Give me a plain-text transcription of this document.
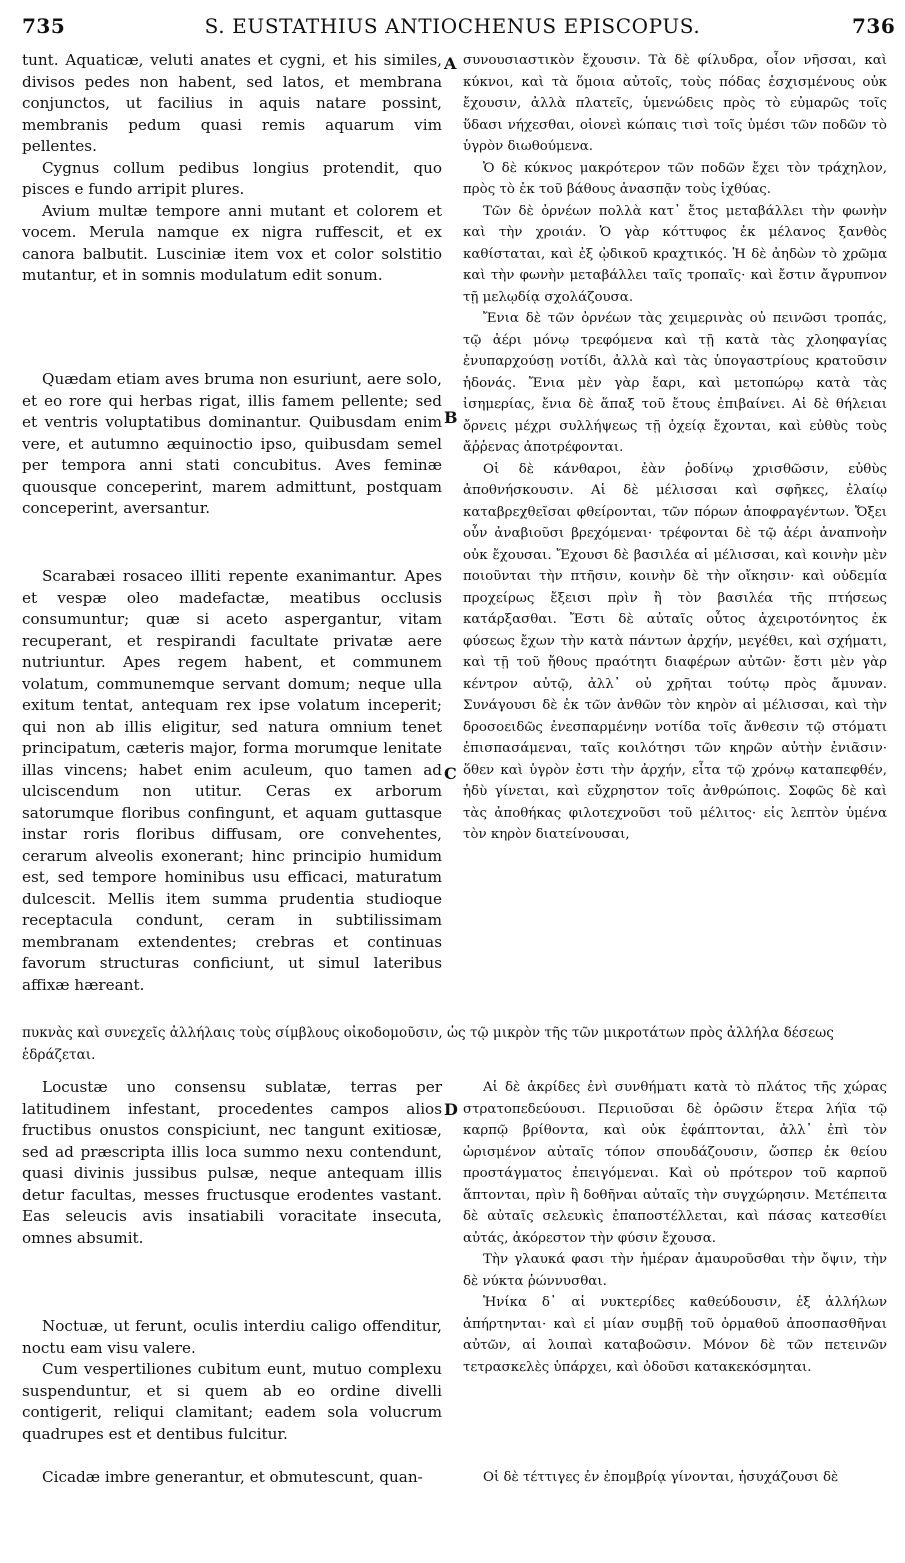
735	S. EUSTATHIUS ANTIOCHENUS EPISCOPUS.	736

tunt. Aquaticæ, veluti anates et cygni, et his similes, divisos pedes non habent, sed latos, et membrana conjunctos, ut facilius in aquis natare possint, membranis pedum quasi remis aquarum vim pellentes.

Cygnus collum pedibus longius protendit, quo pisces e fundo arripit plures.

Avium multæ tempore anni mutant et colorem et vocem. Merula namque ex nigra ruffescit, et ex canora balbutit. Lusciniæ item vox et color solstitio mutantur, et in somnis modulatum edit sonum.

Quædam etiam aves bruma non esuriunt, aere solo, et eo rore qui herbas rigat, illis famem pellente; sed et ventris voluptatibus dominantur. Quibusdam enim vere, et autumno æquinoctio ipso, quibusdam semel per tempora anni stati concubitus. Aves feminæ quousque conceperint, marem admittunt, postquam conceperint, aversantur.

Scarabæi rosaceo illiti repente exanimantur. Apes et vespæ oleo madefactæ, meatibus occlusis consumuntur; quæ si aceto aspergantur, vitam recuperant, et respirandi facultate privatæ aere nutriuntur. Apes regem habent, et communem volatum, communemque servant domum; neque ulla exitum tentat, antequam rex ipse volatum inceperit; qui non ab illis eligitur, sed natura omnium tenet principatum, cæteris major, forma morumque lenitate illas vincens; habet enim aculeum, quo tamen ad ulciscendum non utitur. Ceras ex arborum satorumque floribus confingunt, et aquam guttasque instar roris floribus diffusam, ore convehentes, cerarum alveolis exonerant; hinc principio humidum est, sed tempore hominibus usu efficaci, maturatum dulcescit. Mellis item summa prudentia studioque receptacula condunt, ceram in subtilissimam membranam extendentes; crebras et continuas favorum structuras conficiunt, ut simul lateribus affixæ hæreant.

συνουσιαστικὸν ἔχουσιν. Τὰ δὲ φίλυδρα, οἷον νῆσσαι, καὶ κύκνοι, καὶ τὰ ὅμοια αὐτοῖς, τοὺς πόδας ἐσχισμένους οὐκ ἔχουσιν, ἀλλὰ πλατεῖς, ὑμενώδεις πρὸς τὸ εὐμαρῶς τοῖς ὕδασι νήχεσθαι, οἱονεὶ κώπαις τισὶ τοῖς ὑμέσι τῶν ποδῶν τὸ ὑγρὸν διωθούμενα.

Ὁ δὲ κύκνος μακρότερον τῶν ποδῶν ἔχει τὸν τράχηλον, πρὸς τὸ ἐκ τοῦ βάθους ἀνασπᾷν τοὺς ἰχθύας.

Τῶν δὲ ὀρνέων πολλὰ κατ᾽ ἔτος μεταβάλλει τὴν φωνὴν καὶ τὴν χροιάν. Ὁ γὰρ κόττυφος ἐκ μέλανος ξανθὸς καθίσταται, καὶ ἐξ ᾠδικοῦ κραχτικός. Ἡ δὲ ἀηδὼν τὸ χρῶμα καὶ τὴν φωνὴν μεταβάλλει ταῖς τροπαῖς· καὶ ἔστιν ἄγρυπνον τῇ μελῳδίᾳ σχολάζουσα.

Ἔνια δὲ τῶν ὀρνέων τὰς χειμερινὰς οὐ πεινῶσι τροπάς, τῷ ἀέρι μόνῳ τρεφόμενα καὶ τῇ κατὰ τὰς χλοηφαγίας ἐνυπαρχούσῃ νοτίδι, ἀλλὰ καὶ τὰς ὑπογαστρίους κρατοῦσιν ἡδονάς. Ἔνια μὲν γὰρ ἔαρι, καὶ μετοπώρῳ κατὰ τὰς ἰσημερίας, ἔνια δὲ ἅπαξ τοῦ ἔτους ἐπιβαίνει. Αἱ δὲ θήλειαι ὄρνεις μέχρι συλλήψεως τῇ ὀχείᾳ ἔχονται, καὶ εὐθὺς τοὺς ἄῤῥενας ἀποτρέφονται.

Οἱ δὲ κάνθαροι, ἐὰν ῥοδίνῳ χρισθῶσιν, εὐθὺς ἀποθνήσκουσιν. Αἱ δὲ μέλισσαι καὶ σφῆκες, ἐλαίῳ καταβρεχθεῖσαι φθείρονται, τῶν πόρων ἀποφραγέντων. Ὄξει οὖν ἀναβιοῦσι βρεχόμεναι· τρέφονται δὲ τῷ ἀέρι ἀναπνοὴν οὐκ ἔχουσαι. Ἔχουσι δὲ βασιλέα αἱ μέλισσαι, καὶ κοινὴν μὲν ποιοῦνται τὴν πτῆσιν, κοινὴν δὲ τὴν οἴκησιν· καὶ οὐδεμία προχείρως ἔξεισι πρὶν ἢ τὸν βασιλέα τῆς πτήσεως κατάρξασθαι. Ἔστι δὲ αὐταῖς οὗτος ἀχειροτόνητος ἐκ φύσεως ἔχων τὴν κατὰ πάντων ἀρχήν, μεγέθει, καὶ σχήματι, καὶ τῇ τοῦ ἤθους πραότητι διαφέρων αὐτῶν· ἔστι μὲν γὰρ κέντρον αὐτῷ, ἀλλ᾽ οὐ χρῆται τούτῳ πρὸς ἄμυναν. Συνάγουσι δὲ ἐκ τῶν ἀνθῶν τὸν κηρὸν αἱ μέλισσαι, καὶ τὴν δροσοειδῶς ἐνεσπαρμένην νοτίδα τοῖς ἄνθεσιν τῷ στόματι ἐπισπασάμεναι, ταῖς κοιλότησι τῶν κηρῶν αὐτὴν ἐνιᾶσιν· ὅθεν καὶ ὑγρὸν ἐστι τὴν ἀρχήν, εἶτα τῷ χρόνῳ καταπεφθέν, ἡδὺ γίνεται, καὶ εὔχρηστον τοῖς ἀνθρώποις. Σοφῶς δὲ καὶ τὰς ἀποθήκας φιλοτεχνοῦσι τοῦ μέλιτος· εἰς λεπτὸν ὑμένα τὸν κηρὸν διατείνουσαι,

πυκνὰς καὶ συνεχεῖς ἀλλήλαις τοὺς σίμβλους οἰκοδομοῦσιν, ὡς τῷ μικρὸν τῆς τῶν μικροτάτων πρὸς ἀλλήλα δέσεως ἑδράζεται.

Locustæ uno consensu sublatæ, terras per latitudinem infestant, procedentes campos alios fructibus onustos conspiciunt, nec tangunt exitiosæ, sed ad præscripta illis loca summo nexu contendunt, quasi divinis jussibus pulsæ, neque antequam illis detur facultas, messes fructusque erodentes vastant. Eas seleucis avis insatiabili voracitate insecuta, omnes absumit.

Noctuæ, ut ferunt, oculis interdiu caligo offenditur, noctu eam visu valere.

Cum vespertiliones cubitum eunt, mutuo complexu suspenduntur, et si quem ab eo ordine divelli contigerit, reliqui clamitant; eadem sola volucrum quadrupes est et dentibus fulcitur.

Cicadæ imbre generantur, et obmutescunt, quan-

Αἱ δὲ ἀκρίδες ἐνὶ συνθήματι κατὰ τὸ πλάτος τῆς χώρας στρατοπεδεύουσι. Περιιοῦσαι δὲ ὁρῶσιν ἕτερα λήϊα τῷ καρπῷ βρίθοντα, καὶ οὐκ ἐφάπτονται, ἀλλ᾽ ἐπὶ τὸν ὡρισμένον αὐταῖς τόπον σπουδάζουσιν, ὥσπερ ἐκ θείου προστάγματος ἐπειγόμεναι. Καὶ οὐ πρότερον τοῦ καρποῦ ἅπτονται, πρὶν ἢ δοθῆναι αὐταῖς τὴν συγχώρησιν. Μετέπειτα δὲ αὐταῖς σελευκὶς ἐπαποστέλλεται, καὶ πάσας κατεσθίει αὐτάς, ἀκόρεστον τὴν φύσιν ἔχουσα.

Τὴν γλαυκά φασι τὴν ἡμέραν ἀμαυροῦσθαι τὴν ὄψιν, τὴν δὲ νύκτα ῥώννυσθαι.

Ἡνίκα δ᾽ αἱ νυκτερίδες καθεύδουσιν, ἐξ ἀλλήλων ἀπήρτηνται· καὶ εἰ μίαν συμβῇ τοῦ ὁρμαθοῦ ἀποσπασθῆναι αὐτῶν, αἱ λοιπαὶ καταβοῶσιν. Μόνον δὲ τῶν πετεινῶν τετρασκελὲς ὑπάρχει, καὶ ὀδοῦσι κατακεκόσμηται.

Οἱ δὲ τέττιγες ἐν ἐπομβρίᾳ γίνονται, ἡσυχάζουσι δὲ

A
B
C
D
